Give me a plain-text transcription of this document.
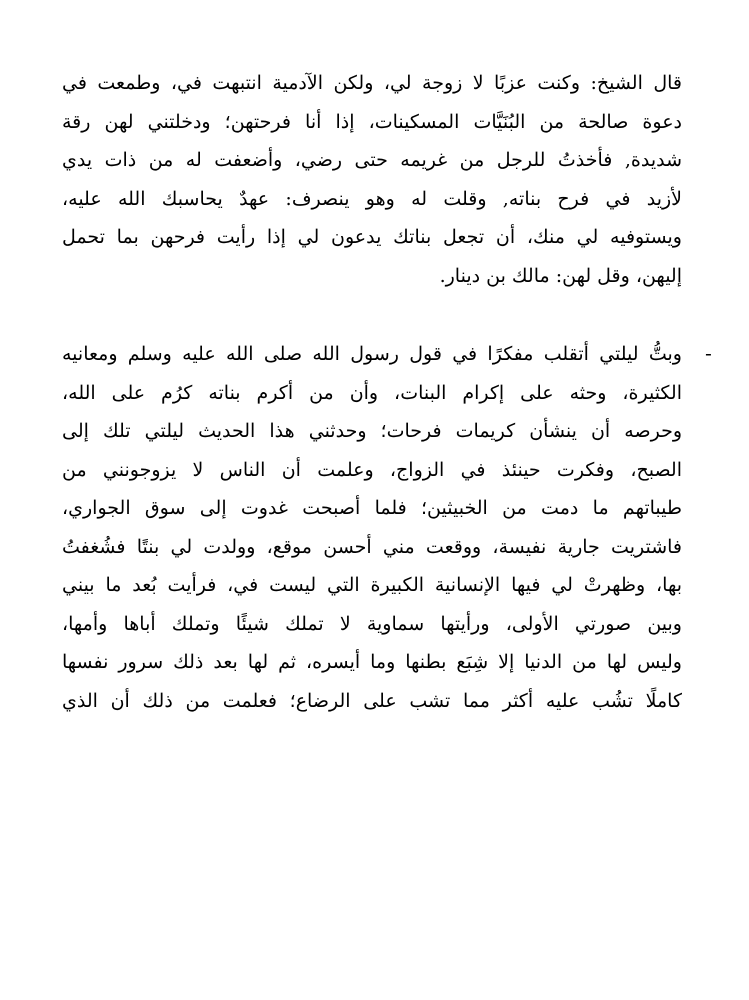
قال الشيخ: وكنت عزبًا لا زوجة لي، ولكن الآدمية انتبهت في، وطمعت في
دعوة صالحة من البُنَيَّات المسكينات، إذا أنا فرحتهن؛ ودخلتني لهن رقة
شديدة, فأخذتُ للرجل من غريمه حتى رضي، وأضعفت له من ذات يدي
لأزيد في فرح بناته, وقلت له وهو ينصرف: عهدٌ يحاسبك الله عليه،
ويستوفيه لي منك، أن تجعل بناتك يدعون لي إذا رأيت فرحهن بما تحمل
إليهن، وقل لهن: مالك بن دينار.
-
وبتُّ ليلتي أتقلب مفكرًا في قول رسول الله صلى الله عليه وسلم ومعانيه
الكثيرة، وحثه على إكرام البنات، وأن من أكرم بناته كرُم على الله،
وحرصه أن ينشأن كريمات فرحات؛ وحدثني هذا الحديث ليلتي تلك إلى
الصبح، وفكرت حينئذ في الزواج، وعلمت أن الناس لا يزوجونني من
طيباتهم ما دمت من الخبيثين؛ فلما أصبحت غدوت إلى سوق الجواري،
فاشتريت جارية نفيسة، ووقعت مني أحسن موقع، وولدت لي بنتًا فشُغفتُ
بها، وظهرتْ لي فيها الإنسانية الكبيرة التي ليست في، فرأيت بُعد ما بيني
وبين صورتي الأولى، ورأيتها سماوية لا تملك شيئًا وتملك أباها وأمها،
وليس لها من الدنيا إلا شِبَع بطنها وما أيسره، ثم لها بعد ذلك سرور نفسها
كاملًا تشُب عليه أكثر مما تشب على الرضاع؛ فعلمت من ذلك أن الذي
